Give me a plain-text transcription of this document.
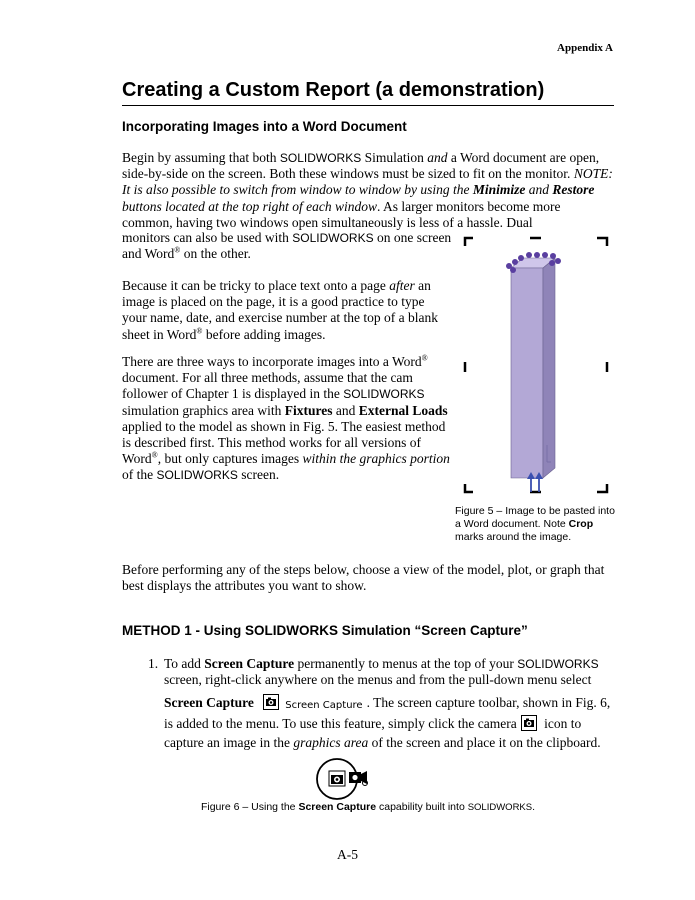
Appendix A
Creating a Custom Report (a demonstration)
Incorporating Images into a Word Document
Begin by assuming that both SOLIDWORKS Simulation and a Word document are open, side-by-side on the screen. Both these windows must be sized to fit on the monitor. NOTE: It is also possible to switch from window to window by using the Minimize and Restore buttons located at the top right of each window. As larger monitors become more common, having two windows open simultaneously is less of a hassle. Dual
monitors can also be used with SOLIDWORKS on one screen and Word® on the other.
Because it can be tricky to place text onto a page after an image is placed on the page, it is a good practice to type your name, date, and exercise number at the top of a blank sheet in Word® before adding images.
There are three ways to incorporate images into a Word® document. For all three methods, assume that the cam follower of Chapter 1 is displayed in the SOLIDWORKS simulation graphics area with Fixtures and External Loads applied to the model as shown in Fig. 5. The easiest method is described first. This method works for all versions of Word®, but only captures images within the graphics portion of the SOLIDWORKS screen.
Figure 5 – Image to be pasted into a Word document. Note Crop marks around the image.
Before performing any of the steps below, choose a view of the model, plot, or graph that best displays the attributes you want to show.
METHOD 1 - Using SOLIDWORKS Simulation “Screen Capture”
1. To add Screen Capture permanently to menus at the top of your SOLIDWORKS screen, right-click anywhere on the menus and from the pull-down menu select
Screen Capture	Screen Capture . The screen capture toolbar, shown in Fig. 6, is added to the menu. To use this feature, simply click the camera icon to capture an image in the graphics area of the screen and place it on the clipboard.
Figure 6 – Using the Screen Capture capability built into SOLIDWORKS.
A-5
